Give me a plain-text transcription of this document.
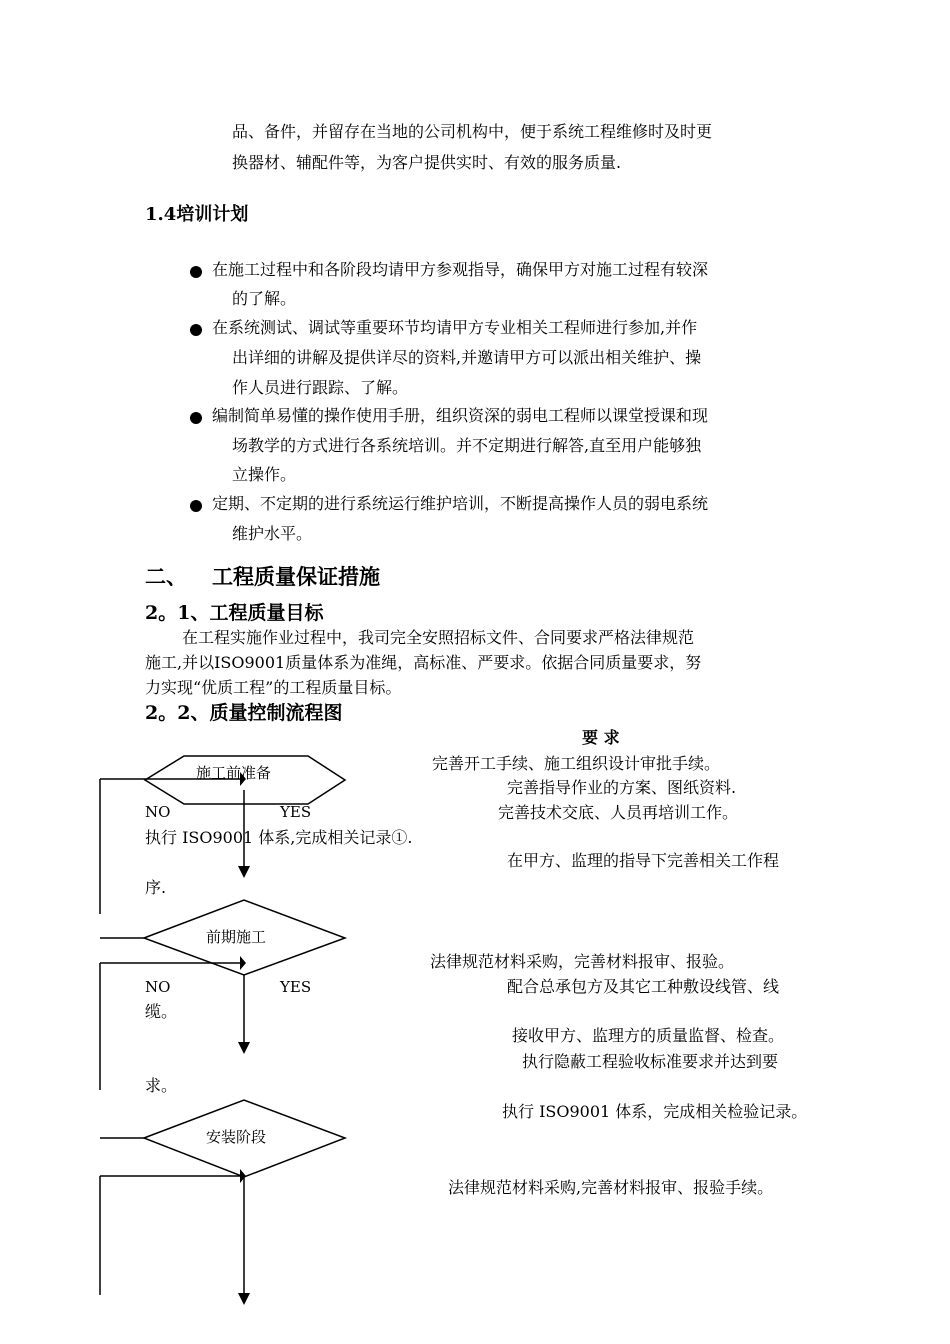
品、备件，并留存在当地的公司机构中，便于系统工程维修时及时更
换器材、辅配件等，为客户提供实时、有效的服务质量.
1.4培训计划
在施工过程中和各阶段均请甲方参观指导，确保甲方对施工过程有较深
的了解。
在系统测试、调试等重要环节均请甲方专业相关工程师进行参加,并作
出详细的讲解及提供详尽的资料,并邀请甲方可以派出相关维护、操
作人员进行跟踪、了解。
编制简单易懂的操作使用手册，组织资深的弱电工程师以课堂授课和现
场教学的方式进行各系统培训。并不定期进行解答,直至用户能够独
立操作。
定期、不定期的进行系统运行维护培训，不断提高操作人员的弱电系统
维护水平。
二、 工程质量保证措施
2。1、工程质量目标
在工程实施作业过程中，我司完全安照招标文件、合同要求严格法律规范
施工,并以ISO9001质量体系为准绳，高标准、严要求。依据合同质量要求，努
力实现“优质工程”的工程质量目标。
2。2、质量控制流程图
施工前准备
前期施工
安装阶段
要 求
完善开工手续、施工组织设计审批手续。
NO	YES
完善指导作业的方案、图纸资料.
完善技术交底、人员再培训工作。
执行 ISO9001 体系,完成相关记录①.
在甲方、监理的指导下完善相关工作程
序.
法律规范材料采购，完善材料报审、报验。
NO	YES	配合总承包方及其它工种敷设线管、线
缆。
接收甲方、监理方的质量监督、检查。
执行隐蔽工程验收标准要求并达到要
求。
执行 ISO9001 体系，完成相关检验记录。
法律规范材料采购,完善材料报审、报验手续。
